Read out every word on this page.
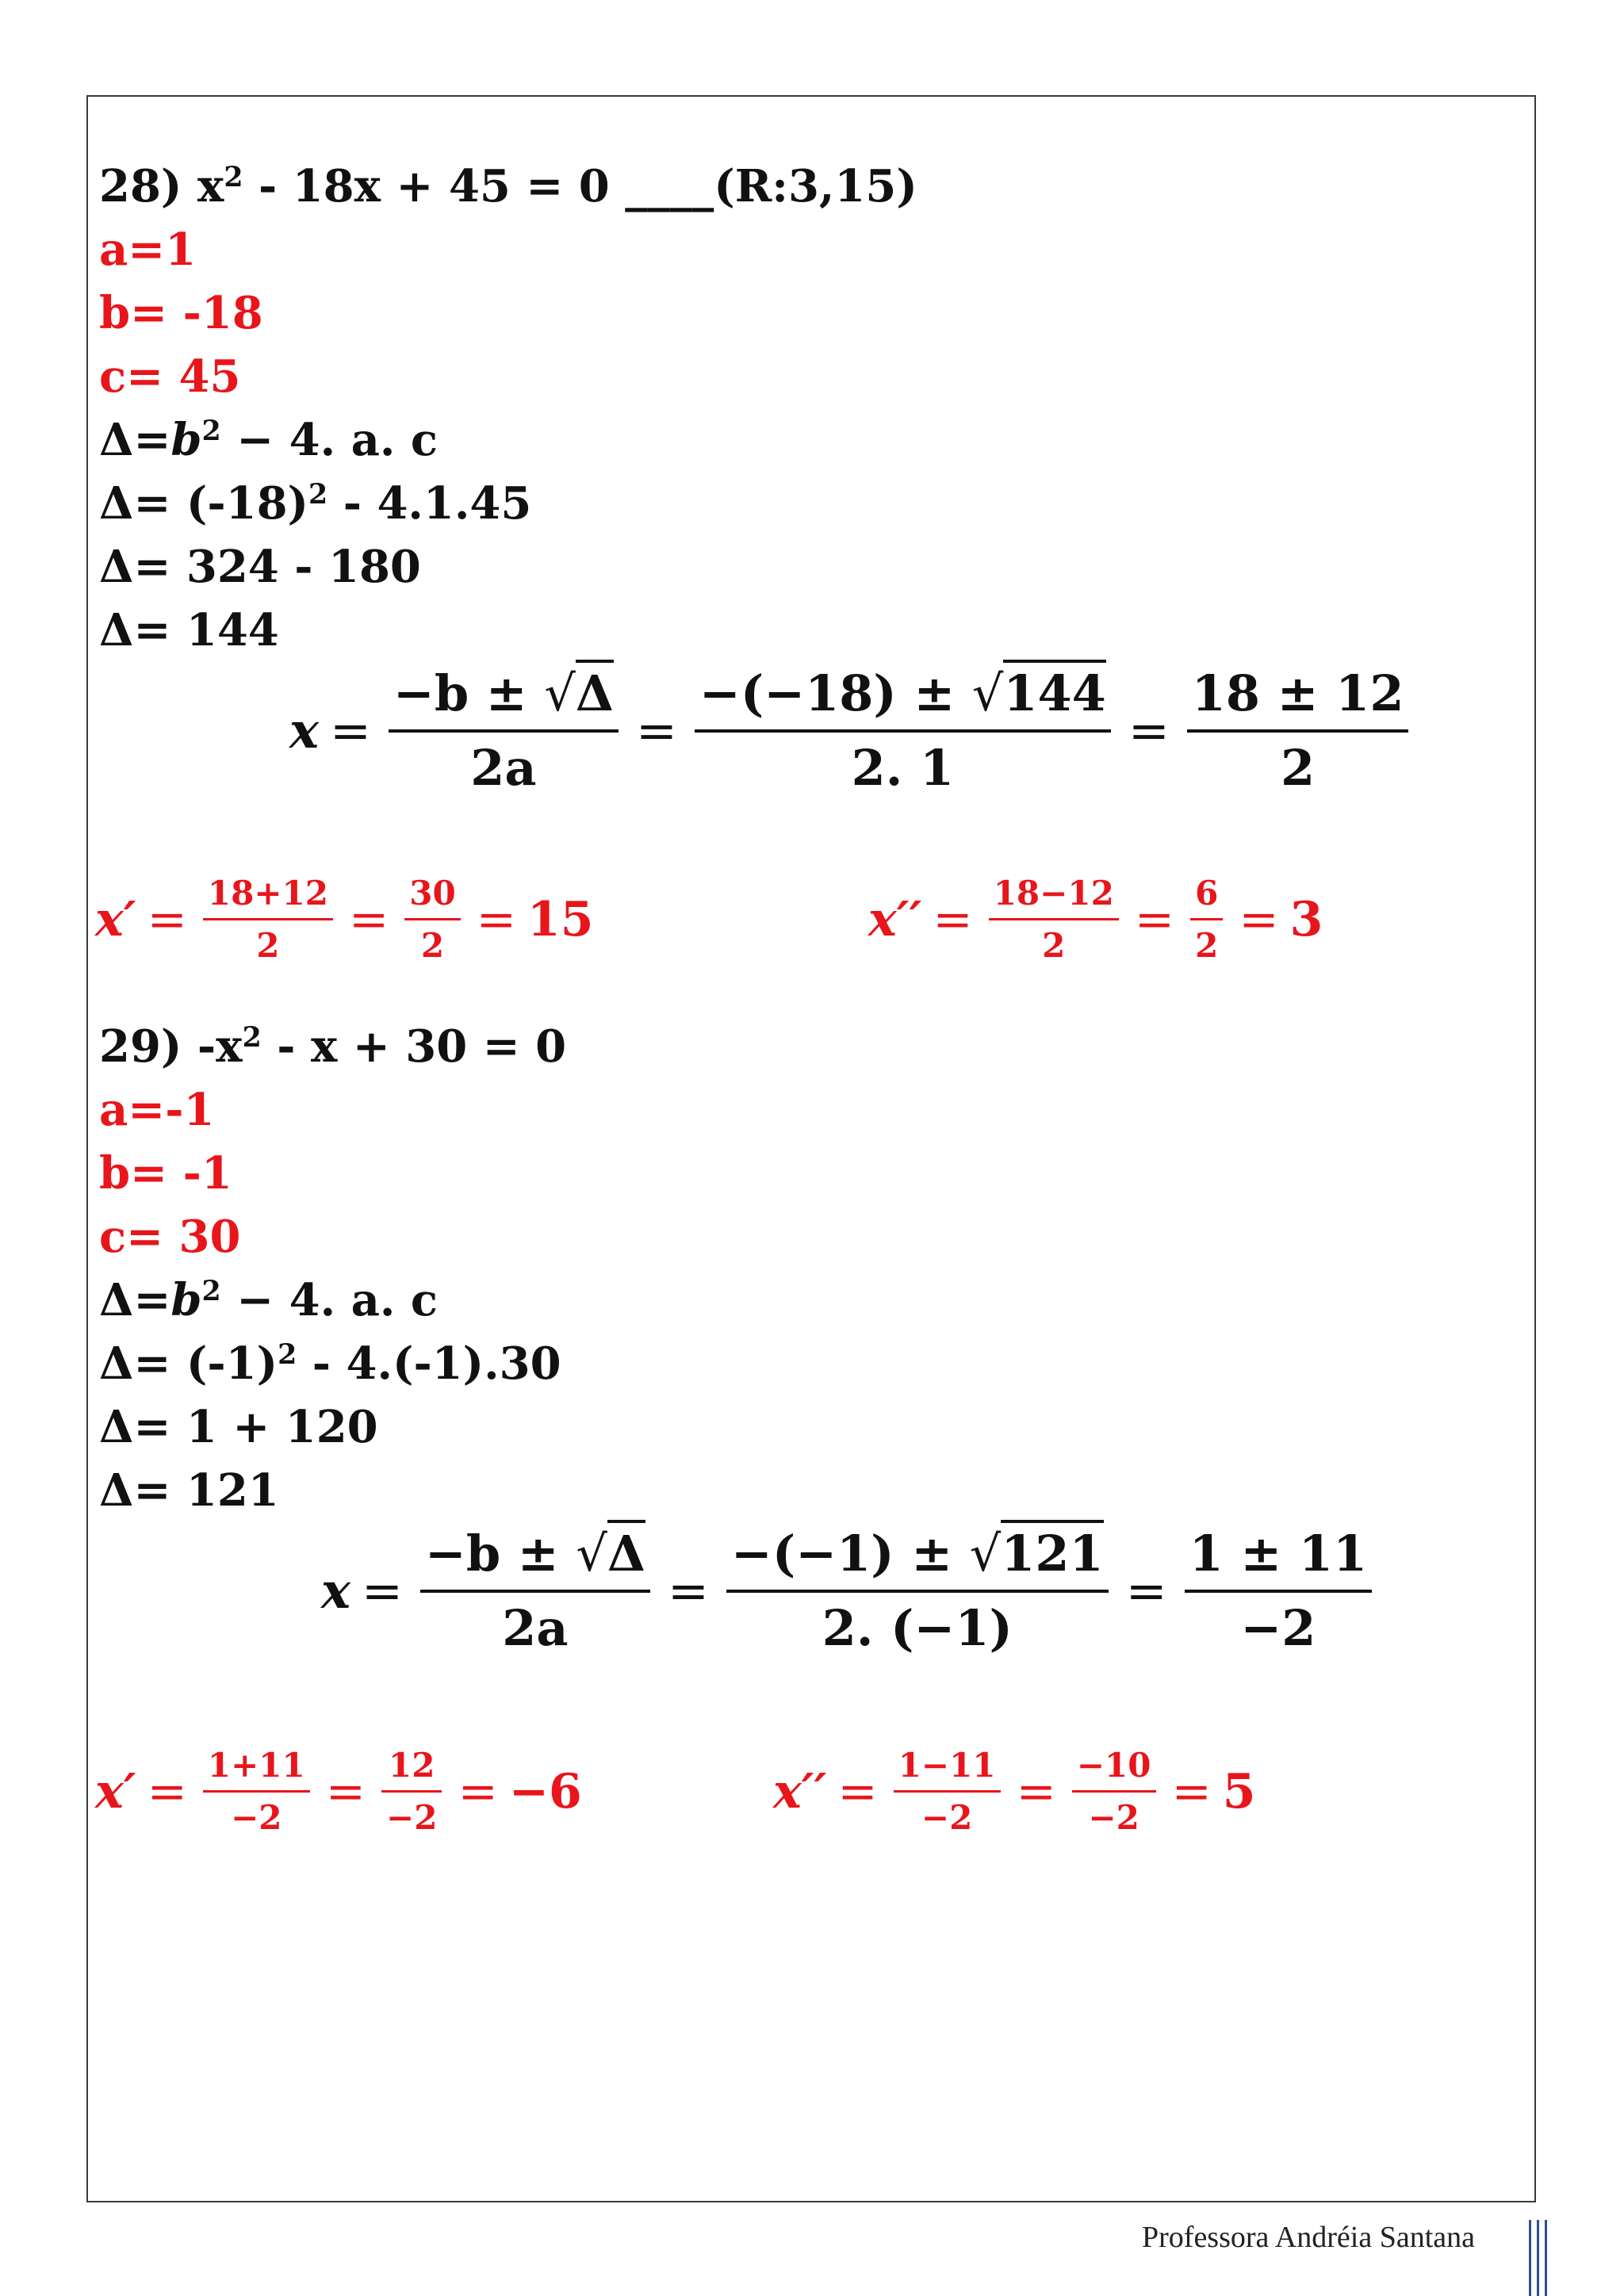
28) $x^2 - 18x + 45 = 0$ ____(R:3,15)
a=1
b= -18
c= 45
$\Delta=b^2 - 4$. a. c
$\Delta= (-18)^2 - 4.1.45$
Δ= 324 - 180
Δ= 144
$x = \frac{-b \pm √\Delta}{2a} = \frac{-(-18) \pm √144}{2. 1} = \frac{18 \pm 12}{2}$
$x' = \frac{18+12}{2} = \frac{30}{2} = 15$	$x'' = \frac{18-12}{2} = \frac{6}{2} = 3$
29) $-x^2 - x + 30 = 0$
a=-1
b= -1
c= 30
$\Delta=b^2 - 4$. a. c
$\Delta= (-1)^2 - 4.(-1).30$
Δ= 1 + 120
Δ= 121
$x = \frac{-b \pm √\Delta}{2a} = \frac{-(-1) \pm √121}{2. (-1)} = \frac{1 \pm 11}{-2}$
$x' = \frac{1+11}{-2} = \frac{12}{-2} = -6$	$x'' = \frac{1-11}{-2} = \frac{-10}{-2} = 5$
Professora Andréia Santana
